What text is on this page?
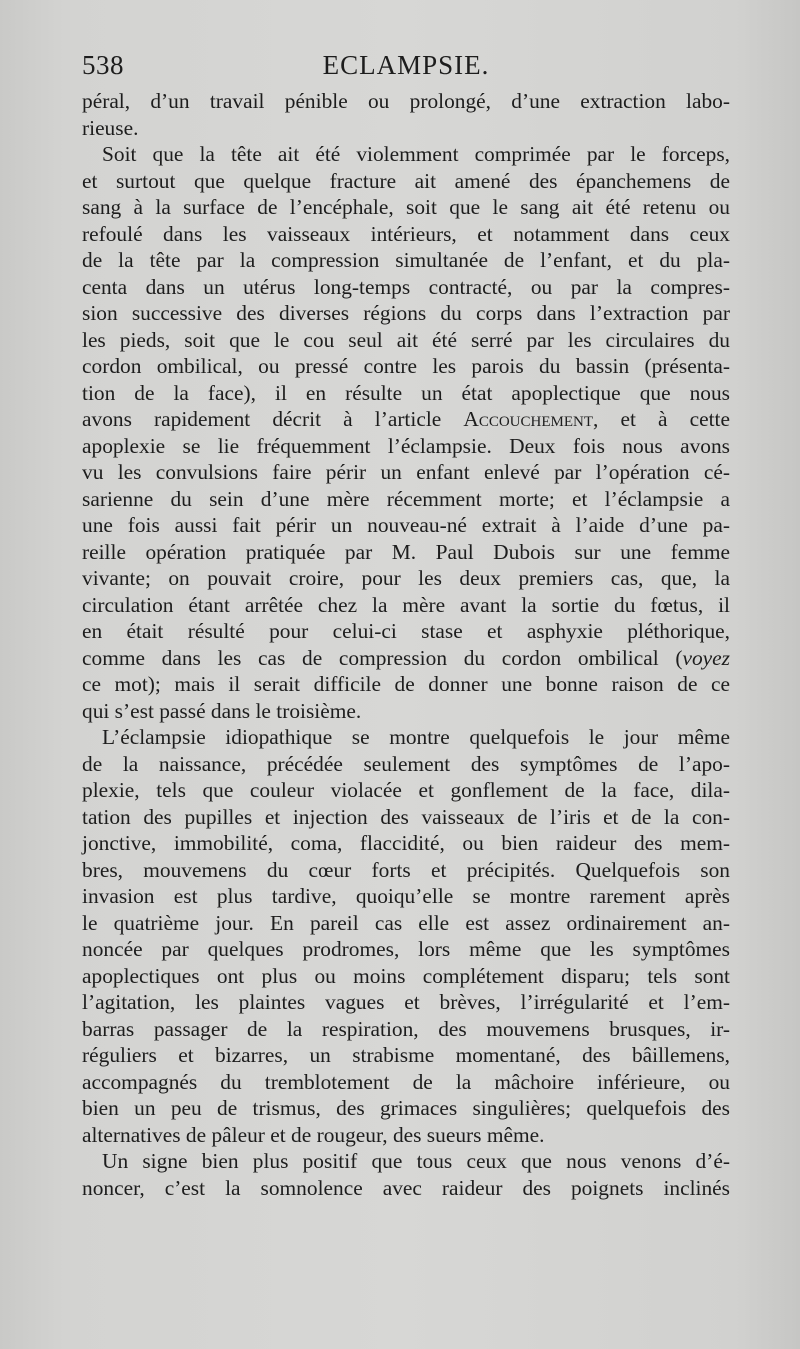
538	ECLAMPSIE.
péral, d’un travail pénible ou prolongé, d’une extraction labo-
rieuse.
Soit que la tête ait été violemment comprimée par le forceps,
et surtout que quelque fracture ait amené des épanchemens de
sang à la surface de l’encéphale, soit que le sang ait été retenu ou
refoulé dans les vaisseaux intérieurs, et notamment dans ceux
de la tête par la compression simultanée de l’enfant, et du pla-
centa dans un utérus long-temps contracté, ou par la compres-
sion successive des diverses régions du corps dans l’extraction par
les pieds, soit que le cou seul ait été serré par les circulaires du
cordon ombilical, ou pressé contre les parois du bassin (présenta-
tion de la face), il en résulte un état apoplectique que nous
avons rapidement décrit à l’article Accouchement, et à cette
apoplexie se lie fréquemment l’éclampsie. Deux fois nous avons
vu les convulsions faire périr un enfant enlevé par l’opération cé-
sarienne du sein d’une mère récemment morte; et l’éclampsie a
une fois aussi fait périr un nouveau-né extrait à l’aide d’une pa-
reille opération pratiquée par M. Paul Dubois sur une femme
vivante; on pouvait croire, pour les deux premiers cas, que, la
circulation étant arrêtée chez la mère avant la sortie du fœtus, il
en était résulté pour celui-ci stase et asphyxie pléthorique,
comme dans les cas de compression du cordon ombilical (voyez
ce mot); mais il serait difficile de donner une bonne raison de ce
qui s’est passé dans le troisième.
L’éclampsie idiopathique se montre quelquefois le jour même
de la naissance, précédée seulement des symptômes de l’apo-
plexie, tels que couleur violacée et gonflement de la face, dila-
tation des pupilles et injection des vaisseaux de l’iris et de la con-
jonctive, immobilité, coma, flaccidité, ou bien raideur des mem-
bres, mouvemens du cœur forts et précipités. Quelquefois son
invasion est plus tardive, quoiqu’elle se montre rarement après
le quatrième jour. En pareil cas elle est assez ordinairement an-
noncée par quelques prodromes, lors même que les symptômes
apoplectiques ont plus ou moins complétement disparu; tels sont
l’agitation, les plaintes vagues et brèves, l’irrégularité et l’em-
barras passager de la respiration, des mouvemens brusques, ir-
réguliers et bizarres, un strabisme momentané, des bâillemens,
accompagnés du tremblotement de la mâchoire inférieure, ou
bien un peu de trismus, des grimaces singulières; quelquefois des
alternatives de pâleur et de rougeur, des sueurs même.
Un signe bien plus positif que tous ceux que nous venons d’é-
noncer, c’est la somnolence avec raideur des poignets inclinés
